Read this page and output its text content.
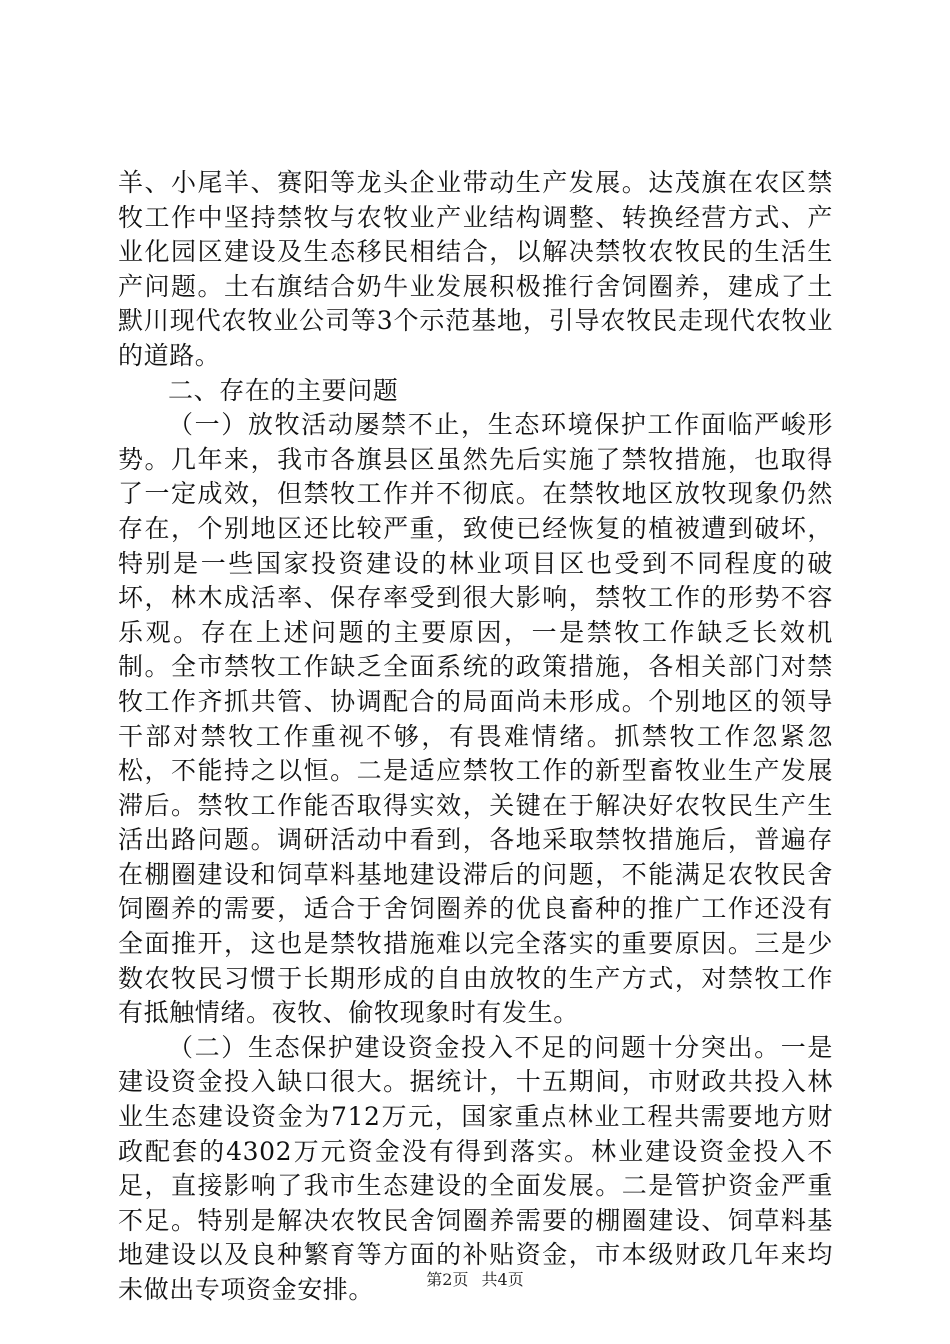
羊、小尾羊、赛阳等龙头企业带动生产发展。达茂旗在农区禁牧工作中坚持禁牧与农牧业产业结构调整、转换经营方式、产业化园区建设及生态移民相结合，以解决禁牧农牧民的生活生产问题。土右旗结合奶牛业发展积极推行舍饲圈养，建成了土默川现代农牧业公司等3个示范基地，引导农牧民走现代农牧业的道路。

二、存在的主要问题

（一）放牧活动屡禁不止，生态环境保护工作面临严峻形势。几年来，我市各旗县区虽然先后实施了禁牧措施，也取得了一定成效，但禁牧工作并不彻底。在禁牧地区放牧现象仍然存在，个别地区还比较严重，致使已经恢复的植被遭到破坏，特别是一些国家投资建设的林业项目区也受到不同程度的破坏，林木成活率、保存率受到很大影响，禁牧工作的形势不容乐观。存在上述问题的主要原因，一是禁牧工作缺乏长效机制。全市禁牧工作缺乏全面系统的政策措施，各相关部门对禁牧工作齐抓共管、协调配合的局面尚未形成。个别地区的领导干部对禁牧工作重视不够，有畏难情绪。抓禁牧工作忽紧忽松，不能持之以恒。二是适应禁牧工作的新型畜牧业生产发展滞后。禁牧工作能否取得实效，关键在于解决好农牧民生产生活出路问题。调研活动中看到，各地采取禁牧措施后，普遍存在棚圈建设和饲草料基地建设滞后的问题，不能满足农牧民舍饲圈养的需要，适合于舍饲圈养的优良畜种的推广工作还没有全面推开，这也是禁牧措施难以完全落实的重要原因。三是少数农牧民习惯于长期形成的自由放牧的生产方式，对禁牧工作有抵触情绪。夜牧、偷牧现象时有发生。

（二）生态保护建设资金投入不足的问题十分突出。一是建设资金投入缺口很大。据统计，十五期间，市财政共投入林业生态建设资金为712万元，国家重点林业工程共需要地方财政配套的4302万元资金没有得到落实。林业建设资金投入不足，直接影响了我市生态建设的全面发展。二是管护资金严重不足。特别是解决农牧民舍饲圈养需要的棚圈建设、饲草料基地建设以及良种繁育等方面的补贴资金，市本级财政几年来均未做出专项资金安排。	第2页 共4页
